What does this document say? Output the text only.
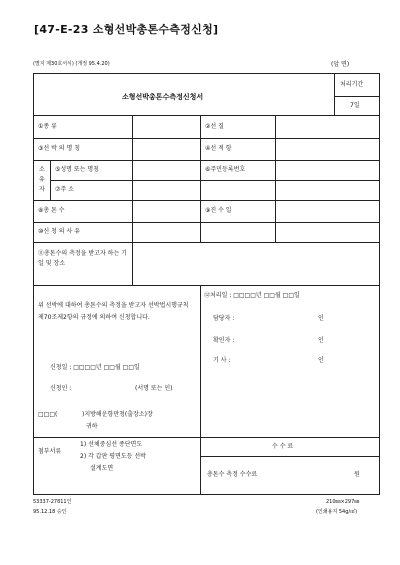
[47-E-23 소형선박총톤수측정신청]
(별지 제30호서식) (개정 95.4.20)	(앞 면)
소형선박총톤수측정신청서
처리기간
7일
①종 류	②선 질
③선 박 의 명 칭	④선 적 항
소 유 자
⑤성명 또는 명칭	⑥주민등록번호
⑦주 소
⑧총 톤 수	⑨진 수 일
⑩신 청 의 사 유
⑪총톤수의 측정을 받고자 하는 기일 및 장소
위 선박에 대하여 총톤수의 측정을 받고자 선박법시행규칙 제70조제2항의 규정에 의하여 신청합니다.
신청일 : □□□□년 □□월 □□일
신청인 :	(서명 또는 인)
□□□(	)지방해운항만청(출장소)장
귀하
⑫처리일 : □□□□년 □□월 □□일
담당자 :	인
확인자 :	인
기 사 :	인
첨부서류
1) 선체중심선 종단면도
2) 각 갑판 평면도등 선박
설계도면
수 수 료
총톤수 측정 수수료	원
53337-27811인
95.12.18 승인
210㎜×297㎜
(인쇄용지 54g/㎡)
